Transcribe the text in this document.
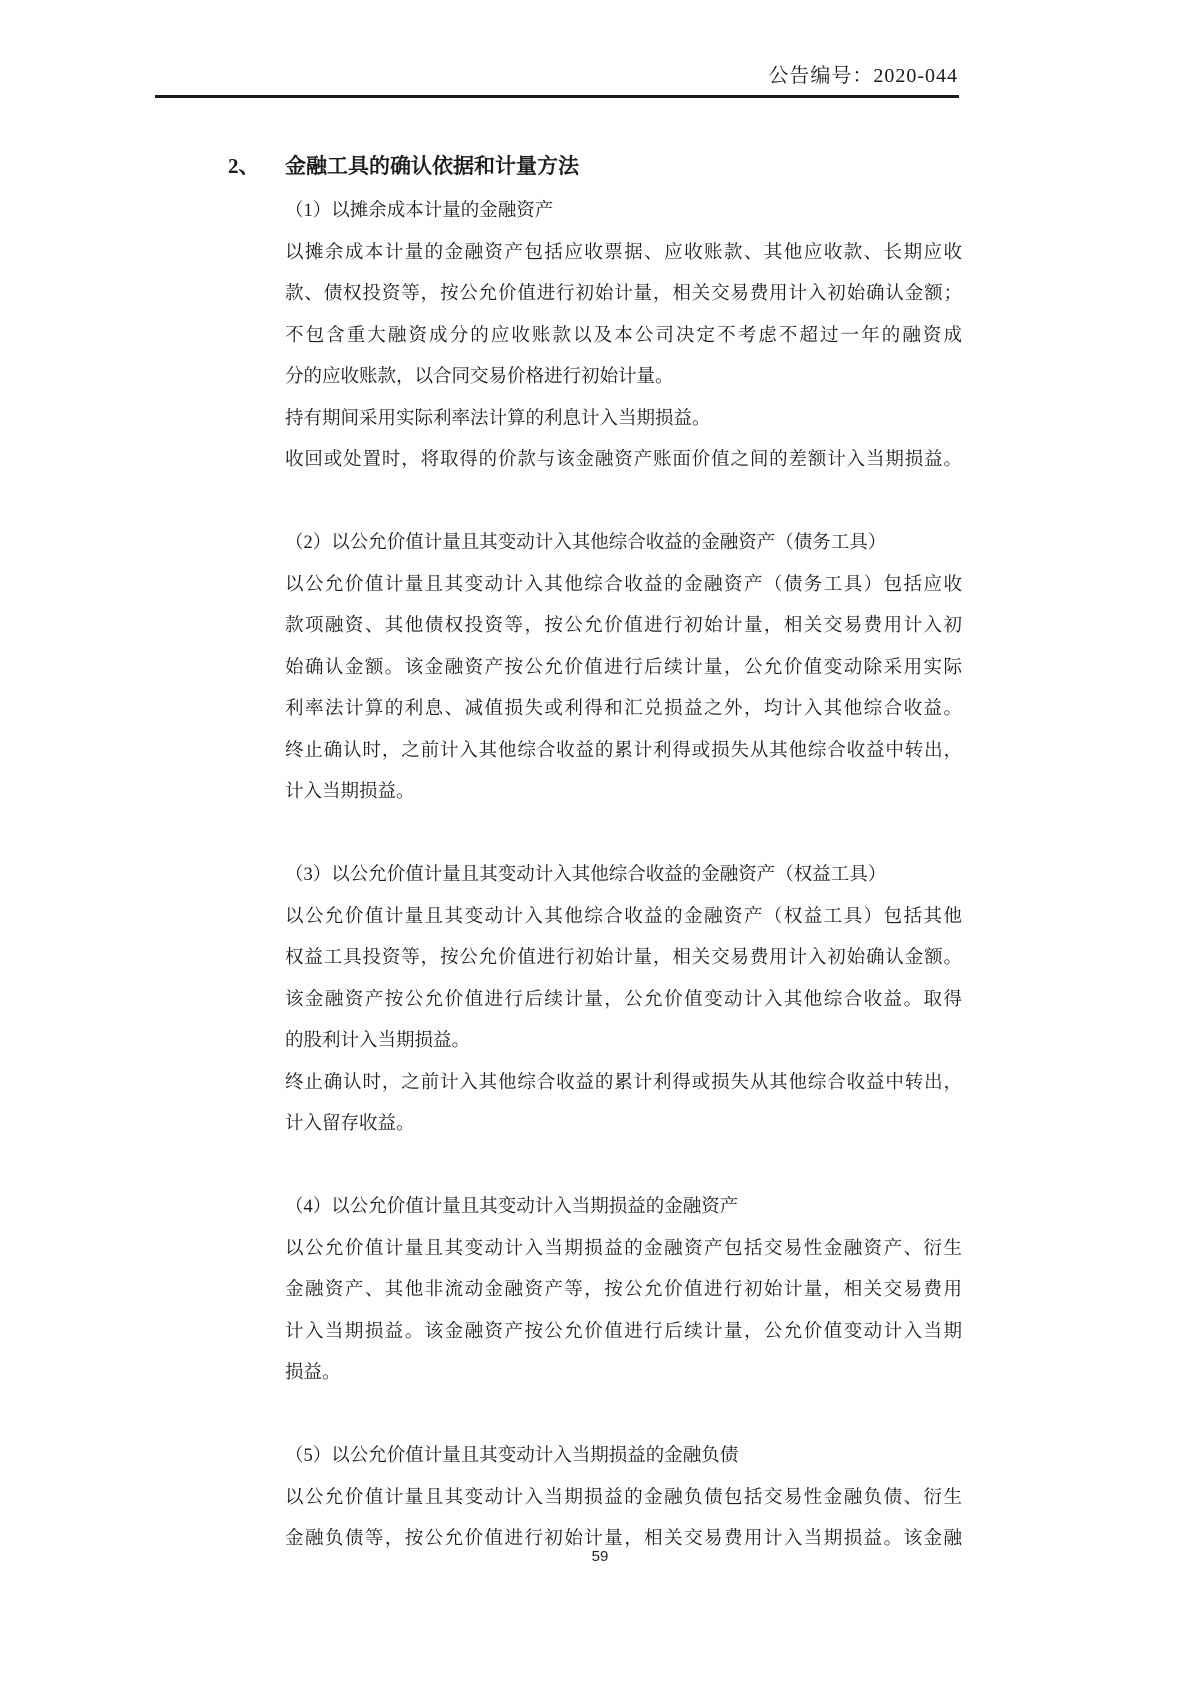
公告编号：2020-044
2、 金融工具的确认依据和计量方法
（1）以摊余成本计量的金融资产
以摊余成本计量的金融资产包括应收票据、应收账款、其他应收款、长期应收
款、债权投资等，按公允价值进行初始计量，相关交易费用计入初始确认金额；
不包含重大融资成分的应收账款以及本公司决定不考虑不超过一年的融资成
分的应收账款，以合同交易价格进行初始计量。
持有期间采用实际利率法计算的利息计入当期损益。
收回或处置时，将取得的价款与该金融资产账面价值之间的差额计入当期损益。
（2）以公允价值计量且其变动计入其他综合收益的金融资产（债务工具）
以公允价值计量且其变动计入其他综合收益的金融资产（债务工具）包括应收
款项融资、其他债权投资等，按公允价值进行初始计量，相关交易费用计入初
始确认金额。该金融资产按公允价值进行后续计量，公允价值变动除采用实际
利率法计算的利息、减值损失或利得和汇兑损益之外，均计入其他综合收益。
终止确认时，之前计入其他综合收益的累计利得或损失从其他综合收益中转出，
计入当期损益。
（3）以公允价值计量且其变动计入其他综合收益的金融资产（权益工具）
以公允价值计量且其变动计入其他综合收益的金融资产（权益工具）包括其他
权益工具投资等，按公允价值进行初始计量，相关交易费用计入初始确认金额。
该金融资产按公允价值进行后续计量，公允价值变动计入其他综合收益。取得
的股利计入当期损益。
终止确认时，之前计入其他综合收益的累计利得或损失从其他综合收益中转出，
计入留存收益。
（4）以公允价值计量且其变动计入当期损益的金融资产
以公允价值计量且其变动计入当期损益的金融资产包括交易性金融资产、衍生
金融资产、其他非流动金融资产等，按公允价值进行初始计量，相关交易费用
计入当期损益。该金融资产按公允价值进行后续计量，公允价值变动计入当期
损益。
（5）以公允价值计量且其变动计入当期损益的金融负债
以公允价值计量且其变动计入当期损益的金融负债包括交易性金融负债、衍生
金融负债等，按公允价值进行初始计量，相关交易费用计入当期损益。该金融
59
